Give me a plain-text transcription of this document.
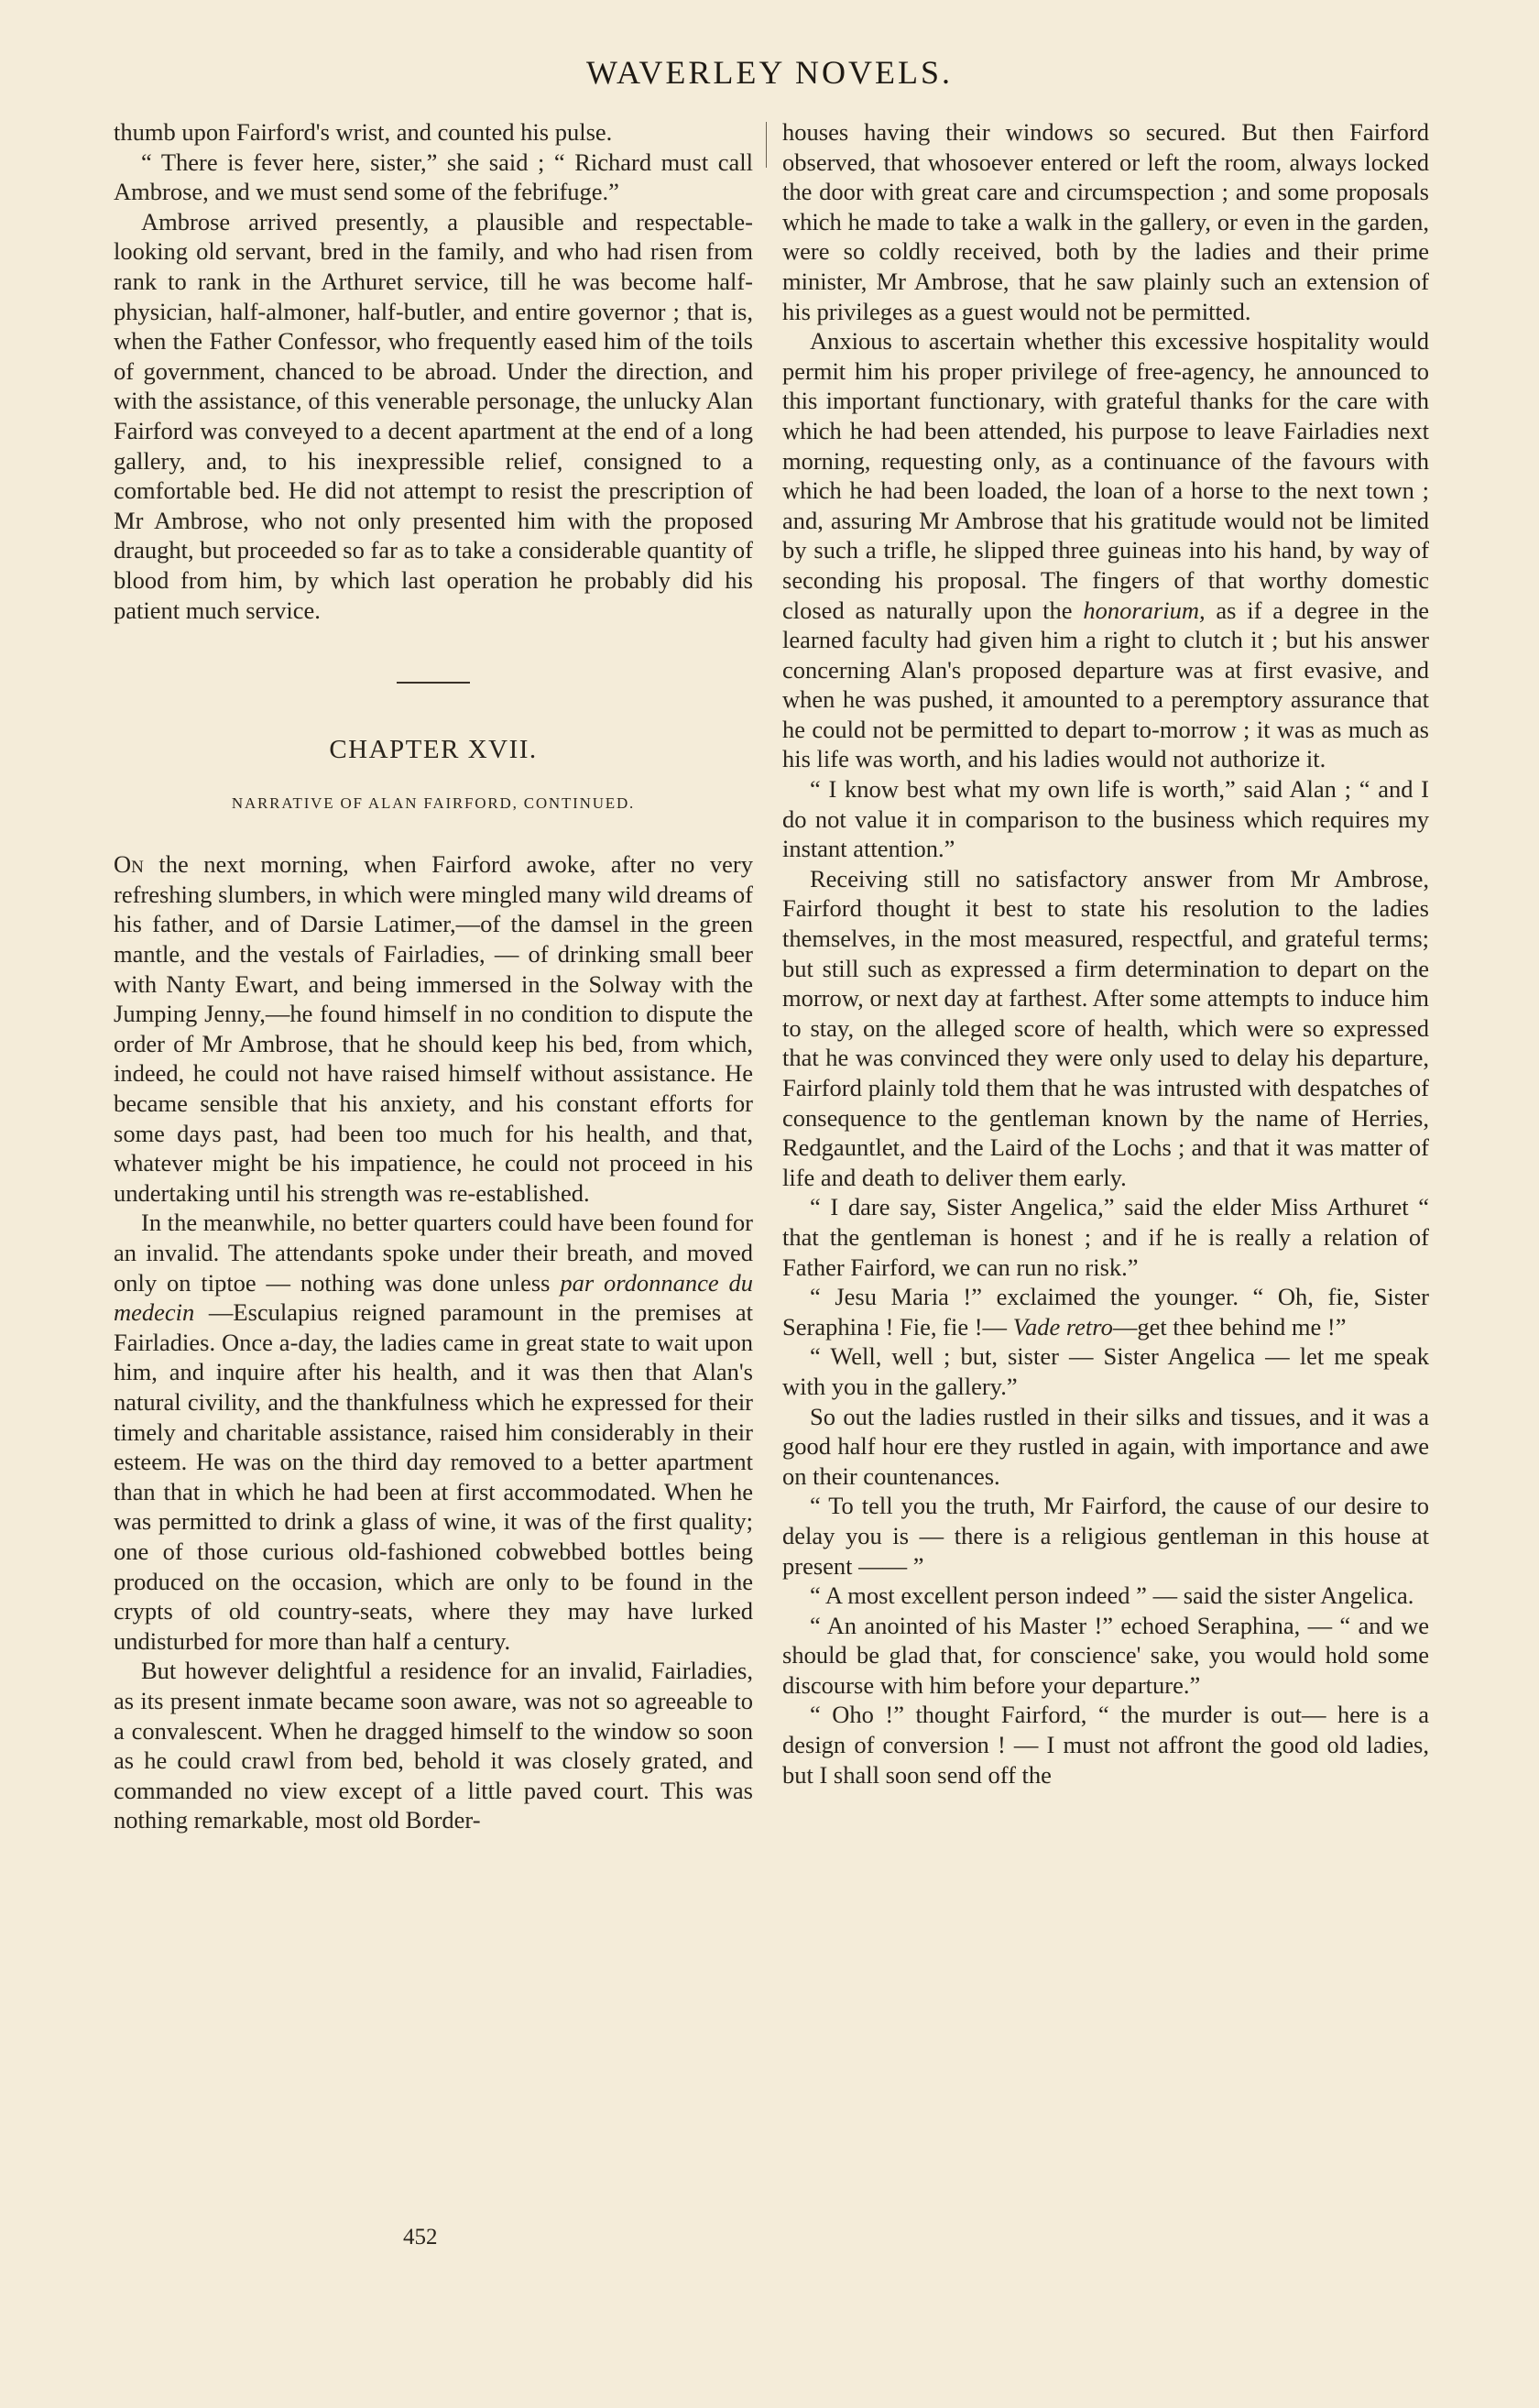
WAVERLEY NOVELS.

thumb upon Fairford's wrist, and counted his pulse.

“ There is fever here, sister,” she said ; “ Richard must call Ambrose, and we must send some of the febrifuge.”

Ambrose arrived presently, a plausible and respectable-looking old servant, bred in the family, and who had risen from rank to rank in the Arthuret service, till he was become half-physician, half-almoner, half-butler, and entire governor ; that is, when the Father Confessor, who frequently eased him of the toils of government, chanced to be abroad. Under the direction, and with the assistance, of this venerable personage, the unlucky Alan Fairford was conveyed to a decent apartment at the end of a long gallery, and, to his inexpressible relief, consigned to a comfortable bed. He did not attempt to resist the prescription of Mr Ambrose, who not only presented him with the proposed draught, but proceeded so far as to take a considerable quantity of blood from him, by which last operation he probably did his patient much service.

CHAPTER XVII.
NARRATIVE OF ALAN FAIRFORD, CONTINUED.

On the next morning, when Fairford awoke, after no very refreshing slumbers, in which were mingled many wild dreams of his father, and of Darsie Latimer,—of the damsel in the green mantle, and the vestals of Fairladies, — of drinking small beer with Nanty Ewart, and being immersed in the Solway with the Jumping Jenny,—he found himself in no condition to dispute the order of Mr Ambrose, that he should keep his bed, from which, indeed, he could not have raised himself without assistance. He became sensible that his anxiety, and his constant efforts for some days past, had been too much for his health, and that, whatever might be his impatience, he could not proceed in his undertaking until his strength was re-established.

In the meanwhile, no better quarters could have been found for an invalid. The attendants spoke under their breath, and moved only on tiptoe — nothing was done unless par ordonnance du medecin —Esculapius reigned paramount in the premises at Fairladies. Once a-day, the ladies came in great state to wait upon him, and inquire after his health, and it was then that Alan's natural civility, and the thankfulness which he expressed for their timely and charitable assistance, raised him considerably in their esteem. He was on the third day removed to a better apartment than that in which he had been at first accommodated. When he was permitted to drink a glass of wine, it was of the first quality; one of those curious old-fashioned cobwebbed bottles being produced on the occasion, which are only to be found in the crypts of old country-seats, where they may have lurked undisturbed for more than half a century.

But however delightful a residence for an invalid, Fairladies, as its present inmate became soon aware, was not so agreeable to a convalescent. When he dragged himself to the window so soon as he could crawl from bed, behold it was closely grated, and commanded no view except of a little paved court. This was nothing remarkable, most old Border-

houses having their windows so secured. But then Fairford observed, that whosoever entered or left the room, always locked the door with great care and circumspection ; and some proposals which he made to take a walk in the gallery, or even in the garden, were so coldly received, both by the ladies and their prime minister, Mr Ambrose, that he saw plainly such an extension of his privileges as a guest would not be permitted.

Anxious to ascertain whether this excessive hospitality would permit him his proper privilege of free-agency, he announced to this important functionary, with grateful thanks for the care with which he had been attended, his purpose to leave Fairladies next morning, requesting only, as a continuance of the favours with which he had been loaded, the loan of a horse to the next town ; and, assuring Mr Ambrose that his gratitude would not be limited by such a trifle, he slipped three guineas into his hand, by way of seconding his proposal. The fingers of that worthy domestic closed as naturally upon the honorarium, as if a degree in the learned faculty had given him a right to clutch it ; but his answer concerning Alan's proposed departure was at first evasive, and when he was pushed, it amounted to a peremptory assurance that he could not be permitted to depart to-morrow ; it was as much as his life was worth, and his ladies would not authorize it.

“ I know best what my own life is worth,” said Alan ; “ and I do not value it in comparison to the business which requires my instant attention.”

Receiving still no satisfactory answer from Mr Ambrose, Fairford thought it best to state his resolution to the ladies themselves, in the most measured, respectful, and grateful terms; but still such as expressed a firm determination to depart on the morrow, or next day at farthest. After some attempts to induce him to stay, on the alleged score of health, which were so expressed that he was convinced they were only used to delay his departure, Fairford plainly told them that he was intrusted with despatches of consequence to the gentleman known by the name of Herries, Redgauntlet, and the Laird of the Lochs ; and that it was matter of life and death to deliver them early.

“ I dare say, Sister Angelica,” said the elder Miss Arthuret “ that the gentleman is honest ; and if he is really a relation of Father Fairford, we can run no risk.”

“ Jesu Maria !” exclaimed the younger. “ Oh, fie, Sister Seraphina ! Fie, fie !— Vade retro—get thee behind me !”

“ Well, well ; but, sister — Sister Angelica — let me speak with you in the gallery.”

So out the ladies rustled in their silks and tissues, and it was a good half hour ere they rustled in again, with importance and awe on their countenances.

“ To tell you the truth, Mr Fairford, the cause of our desire to delay you is — there is a religious gentleman in this house at present —— ”

“ A most excellent person indeed ” — said the sister Angelica.

“ An anointed of his Master !” echoed Seraphina, — “ and we should be glad that, for conscience' sake, you would hold some discourse with him before your departure.”

“ Oho !” thought Fairford, “ the murder is out— here is a design of conversion ! — I must not affront the good old ladies, but I shall soon send off the

452
